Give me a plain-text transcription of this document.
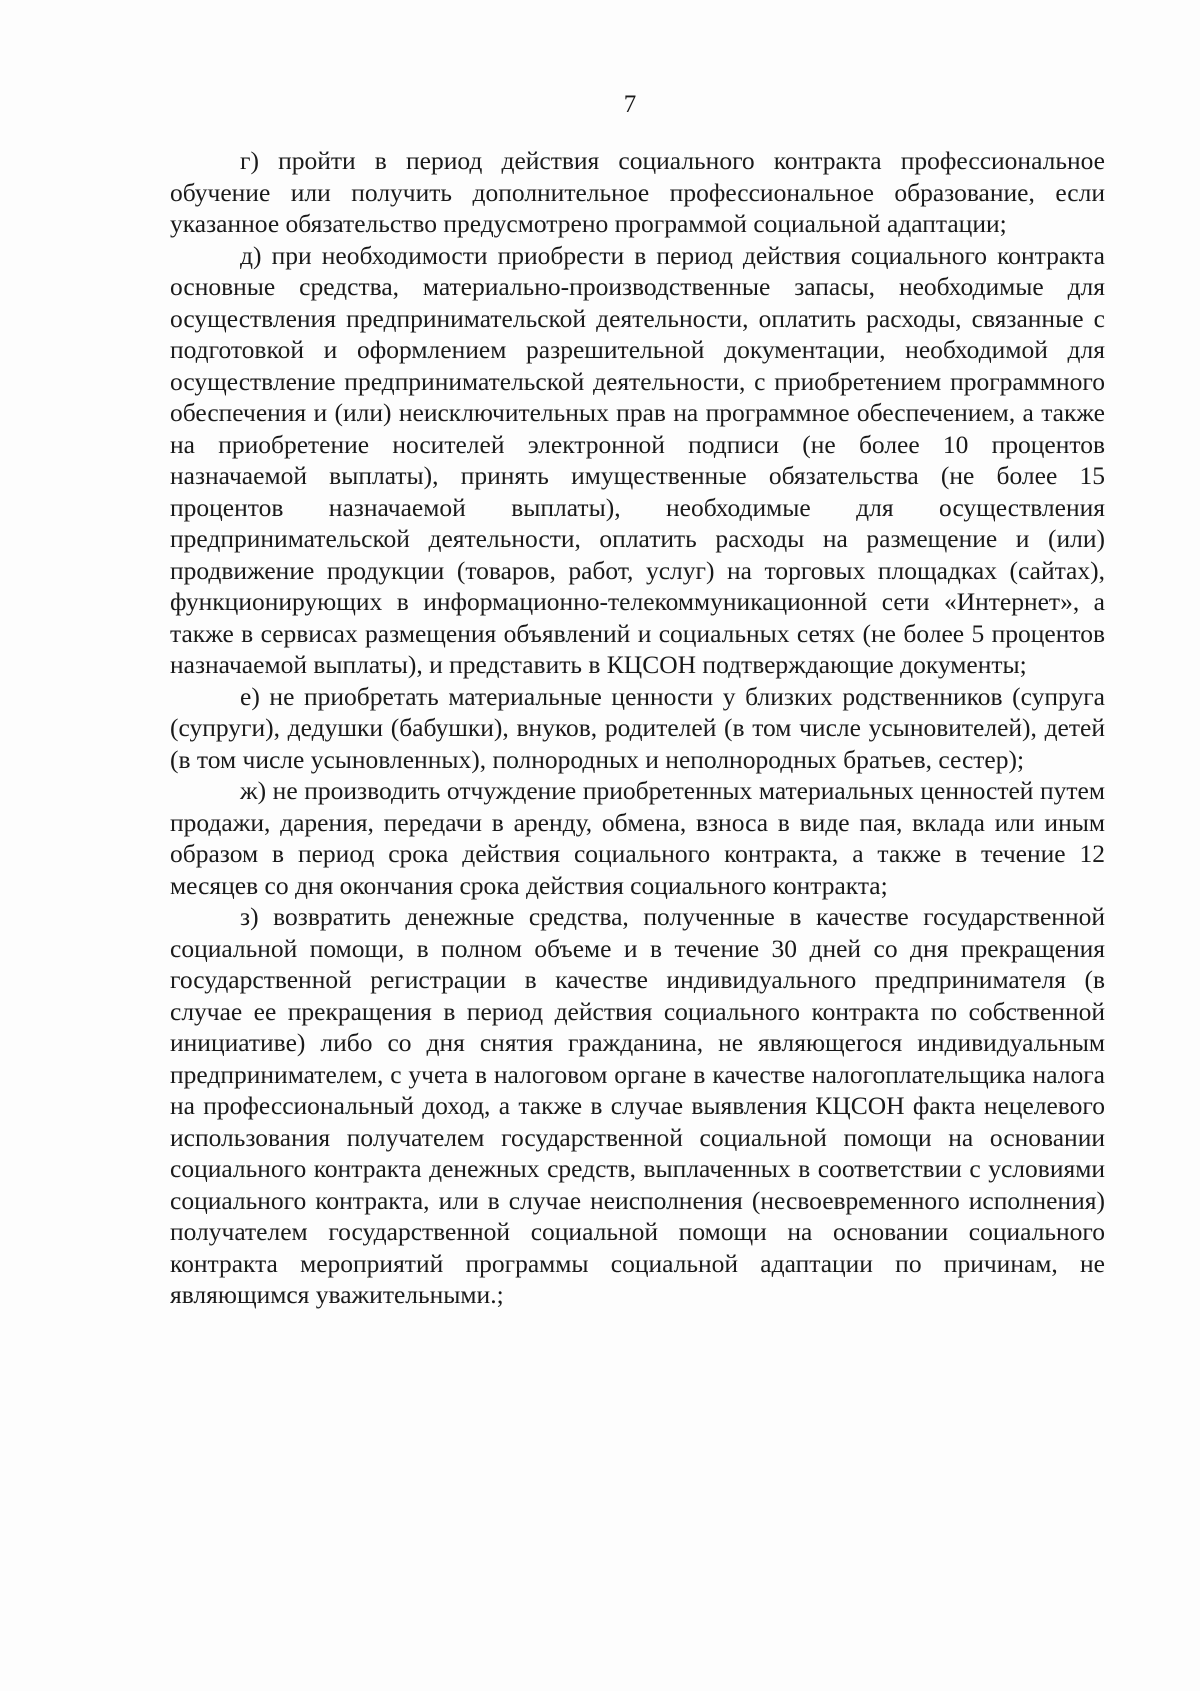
7

г) пройти в период действия социального контракта профессиональное обучение или получить дополнительное профессиональное образование, если указанное обязательство предусмотрено программой социальной адаптации;

д) при необходимости приобрести в период действия социального контракта основные средства, материально-производственные запасы, необходимые для осуществления предпринимательской деятельности, оплатить расходы, связанные с подготовкой и оформлением разрешительной документации, необходимой для осуществление предпринимательской деятельности, с приобретением программного обеспечения и (или) неисключительных прав на программное обеспечением, а также на приобретение носителей электронной подписи (не более 10 процентов назначаемой выплаты), принять имущественные обязательства (не более 15 процентов назначаемой выплаты), необходимые для осуществления предпринимательской деятельности, оплатить расходы на размещение и (или) продвижение продукции (товаров, работ, услуг) на торговых площадках (сайтах), функционирующих в информационно-телекоммуникационной сети «Интернет», а также в сервисах размещения объявлений и социальных сетях (не более 5 процентов назначаемой выплаты), и представить в КЦСОН подтверждающие документы;

е) не приобретать материальные ценности у близких родственников (супруга (супруги), дедушки (бабушки), внуков, родителей (в том числе усыновителей), детей (в том числе усыновленных), полнородных и неполнородных братьев, сестер);

ж) не производить отчуждение приобретенных материальных ценностей путем продажи, дарения, передачи в аренду, обмена, взноса в виде пая, вклада или иным образом в период срока действия социального контракта, а также в течение 12 месяцев со дня окончания срока действия социального контракта;

з) возвратить денежные средства, полученные в качестве государственной социальной помощи, в полном объеме и в течение 30 дней со дня прекращения государственной регистрации в качестве индивидуального предпринимателя (в случае ее прекращения в период действия социального контракта по собственной инициативе) либо со дня снятия гражданина, не являющегося индивидуальным предпринимателем, с учета в налоговом органе в качестве налогоплательщика налога на профессиональный доход, а также в случае выявления КЦСОН факта нецелевого использования получателем государственной социальной помощи на основании социального контракта денежных средств, выплаченных в соответствии с условиями социального контракта, или в случае неисполнения (несвоевременного исполнения) получателем государственной социальной помощи на основании социального контракта мероприятий программы социальной адаптации по причинам, не являющимся уважительными.;
